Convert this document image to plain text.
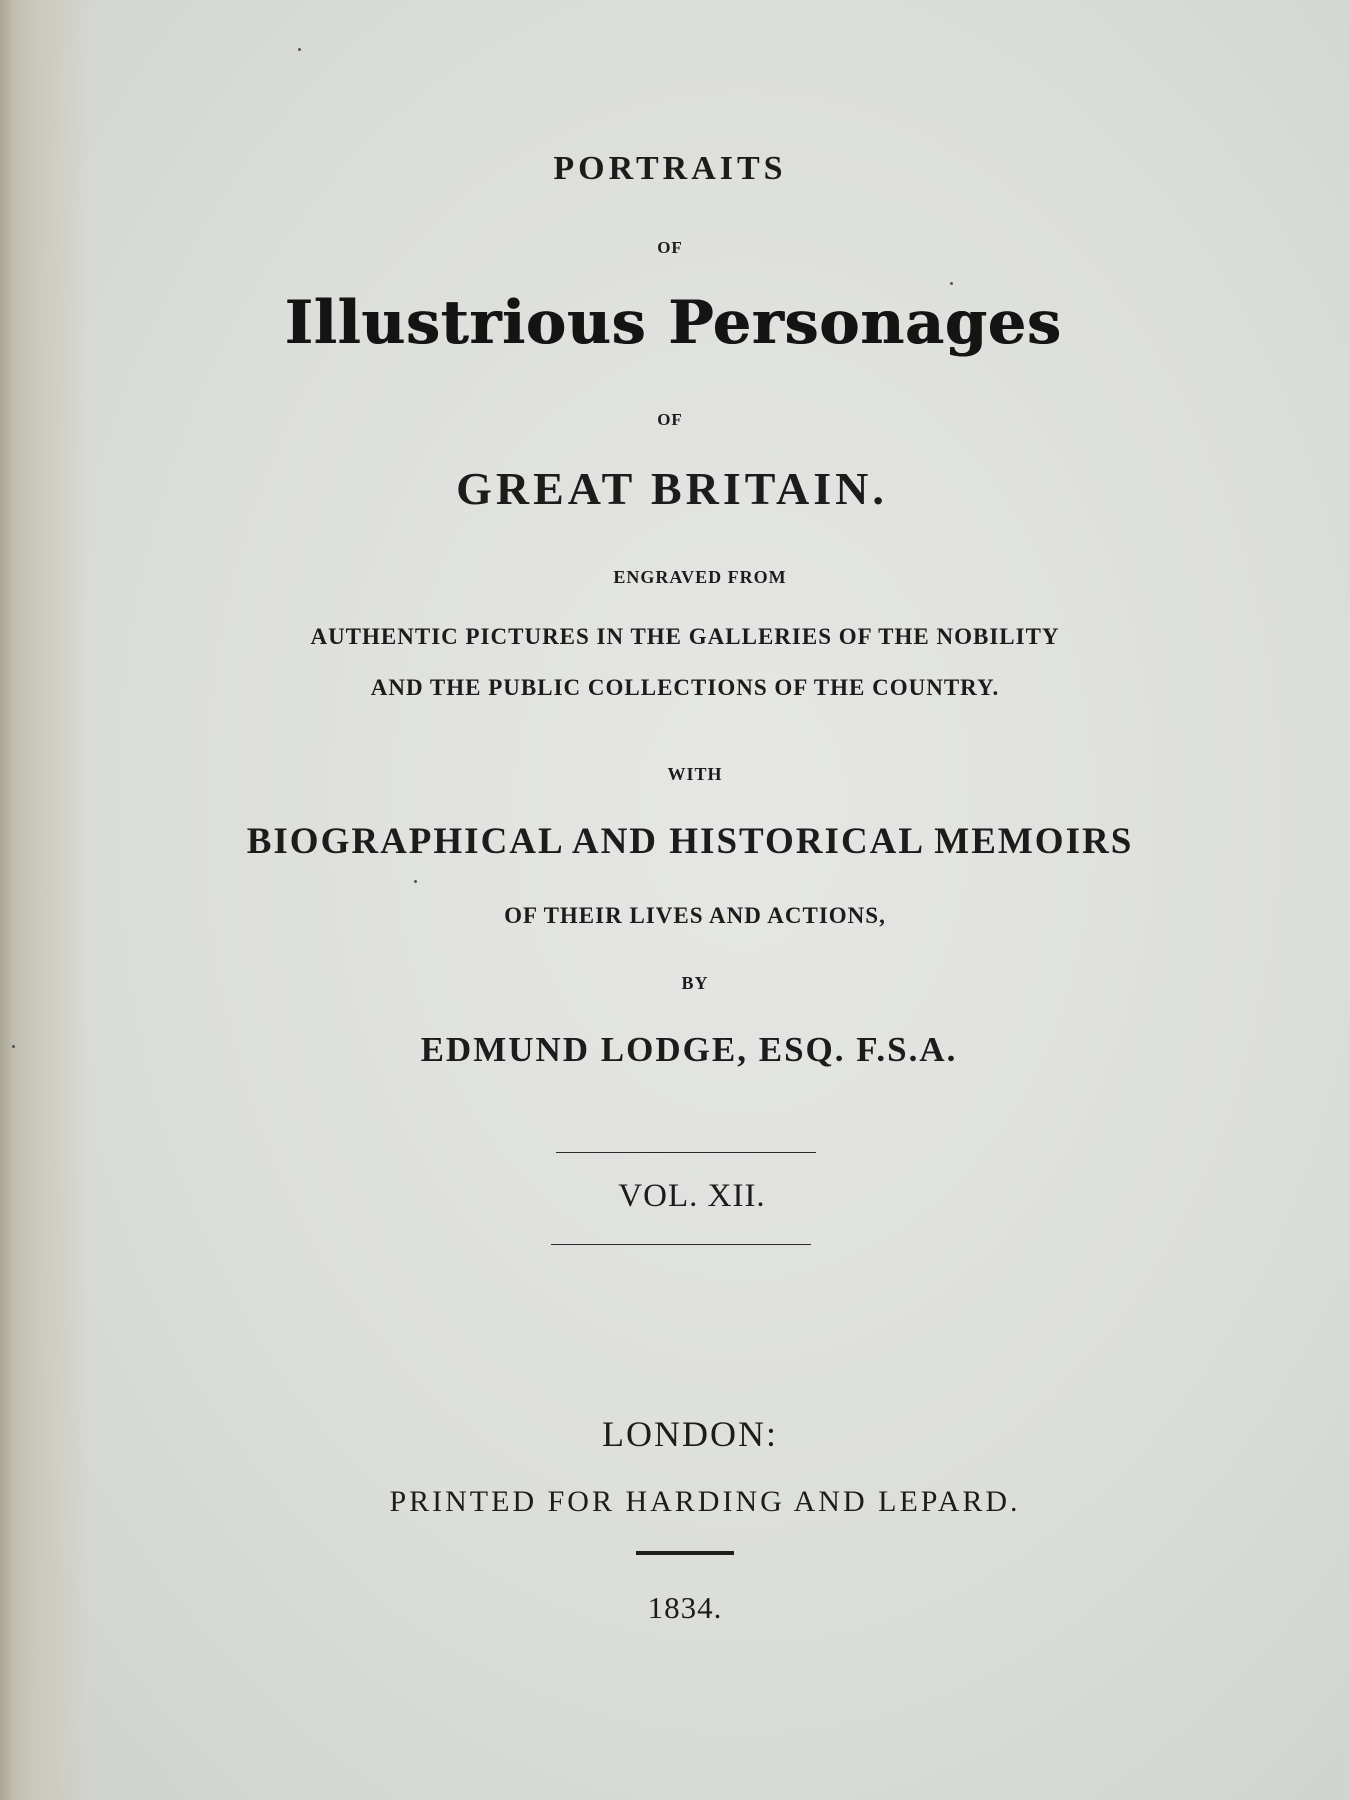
PORTRAITS
OF
Illustrious Personages
OF
GREAT BRITAIN.
ENGRAVED FROM
AUTHENTIC PICTURES IN THE GALLERIES OF THE NOBILITY
AND THE PUBLIC COLLECTIONS OF THE COUNTRY.
WITH
BIOGRAPHICAL AND HISTORICAL MEMOIRS
OF THEIR LIVES AND ACTIONS,
BY
EDMUND LODGE, ESQ. F.S.A.
VOL. XII.
LONDON:
PRINTED FOR HARDING AND LEPARD.
1834.
